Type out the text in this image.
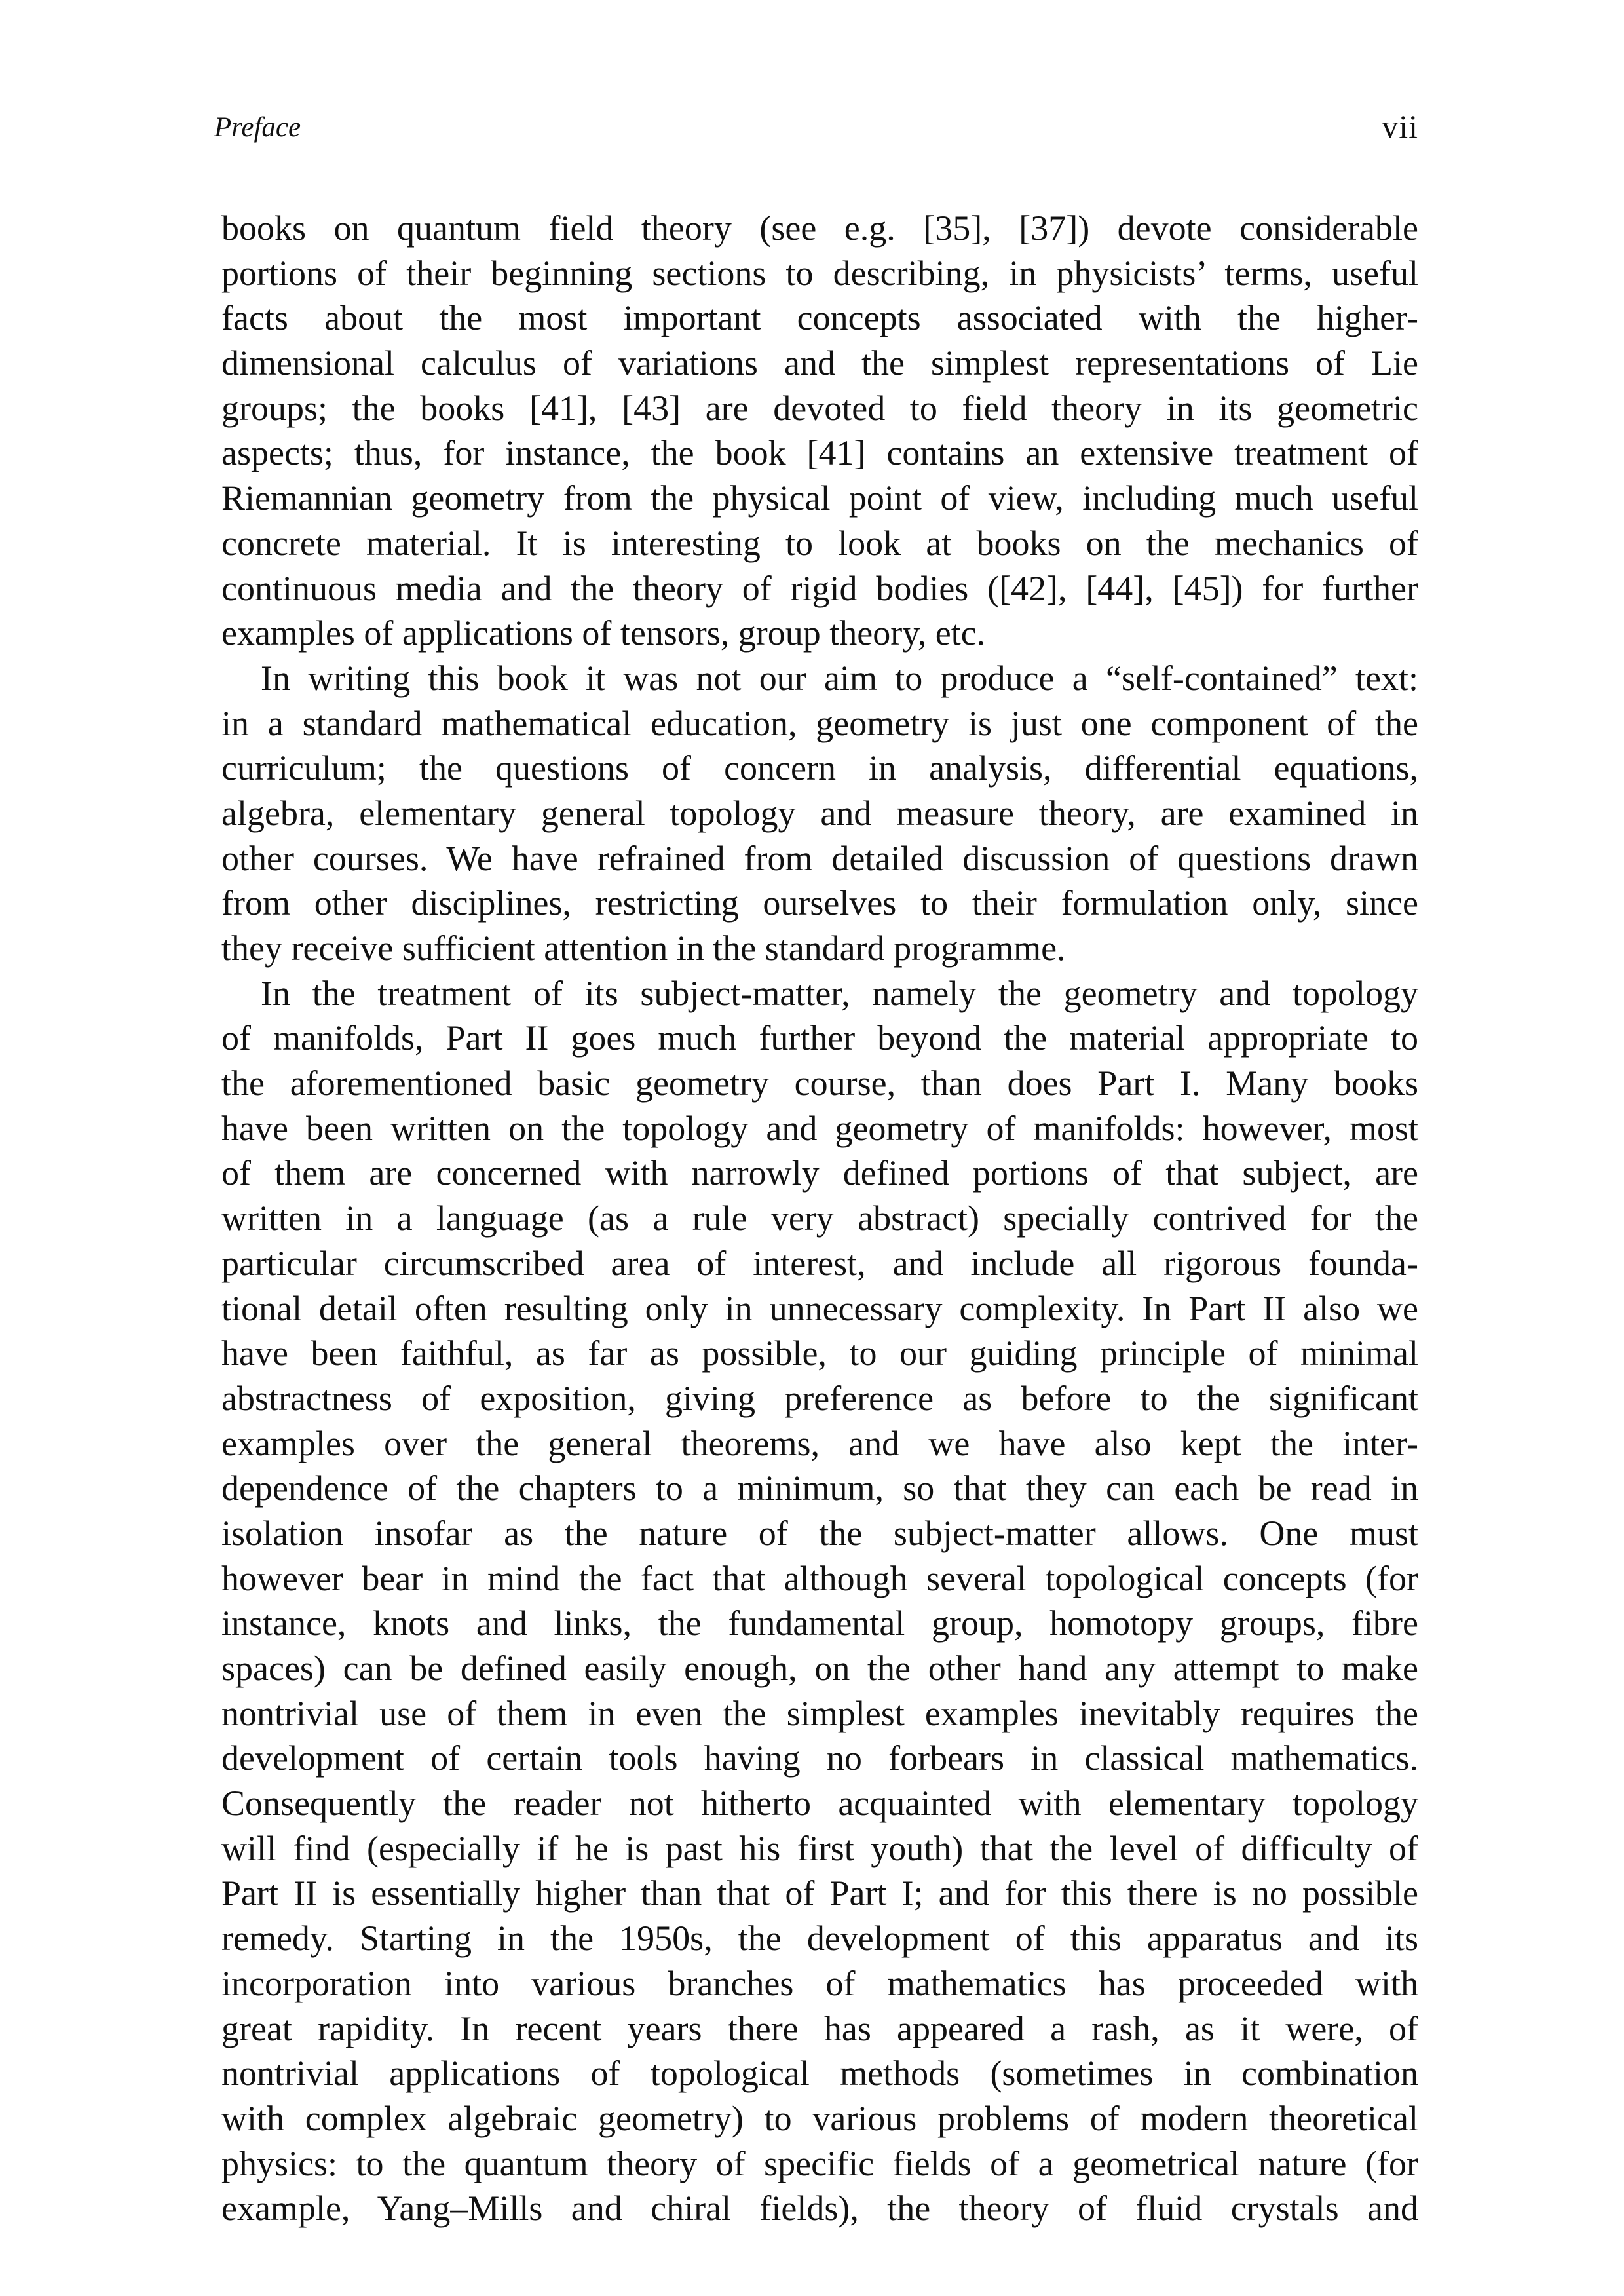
Preface	vii
books on quantum field theory (see e.g. [35], [37]) devote considerable
portions of their beginning sections to describing, in physicists’ terms, useful
facts about the most important concepts associated with the higher-
dimensional calculus of variations and the simplest representations of Lie
groups; the books [41], [43] are devoted to field theory in its geometric
aspects; thus, for instance, the book [41] contains an extensive treatment of
Riemannian geometry from the physical point of view, including much useful
concrete material. It is interesting to look at books on the mechanics of
continuous media and the theory of rigid bodies ([42], [44], [45]) for further
examples of applications of tensors, group theory, etc.
In writing this book it was not our aim to produce a “self-contained” text:
in a standard mathematical education, geometry is just one component of the
curriculum; the questions of concern in analysis, differential equations,
algebra, elementary general topology and measure theory, are examined in
other courses. We have refrained from detailed discussion of questions drawn
from other disciplines, restricting ourselves to their formulation only, since
they receive sufficient attention in the standard programme.
In the treatment of its subject-matter, namely the geometry and topology
of manifolds, Part II goes much further beyond the material appropriate to
the aforementioned basic geometry course, than does Part I. Many books
have been written on the topology and geometry of manifolds: however, most
of them are concerned with narrowly defined portions of that subject, are
written in a language (as a rule very abstract) specially contrived for the
particular circumscribed area of interest, and include all rigorous founda-
tional detail often resulting only in unnecessary complexity. In Part II also we
have been faithful, as far as possible, to our guiding principle of minimal
abstractness of exposition, giving preference as before to the significant
examples over the general theorems, and we have also kept the inter-
dependence of the chapters to a minimum, so that they can each be read in
isolation insofar as the nature of the subject-matter allows. One must
however bear in mind the fact that although several topological concepts (for
instance, knots and links, the fundamental group, homotopy groups, fibre
spaces) can be defined easily enough, on the other hand any attempt to make
nontrivial use of them in even the simplest examples inevitably requires the
development of certain tools having no forbears in classical mathematics.
Consequently the reader not hitherto acquainted with elementary topology
will find (especially if he is past his first youth) that the level of difficulty of
Part II is essentially higher than that of Part I; and for this there is no possible
remedy. Starting in the 1950s, the development of this apparatus and its
incorporation into various branches of mathematics has proceeded with
great rapidity. In recent years there has appeared a rash, as it were, of
nontrivial applications of topological methods (sometimes in combination
with complex algebraic geometry) to various problems of modern theoretical
physics: to the quantum theory of specific fields of a geometrical nature (for
example, Yang–Mills and chiral fields), the theory of fluid crystals and
